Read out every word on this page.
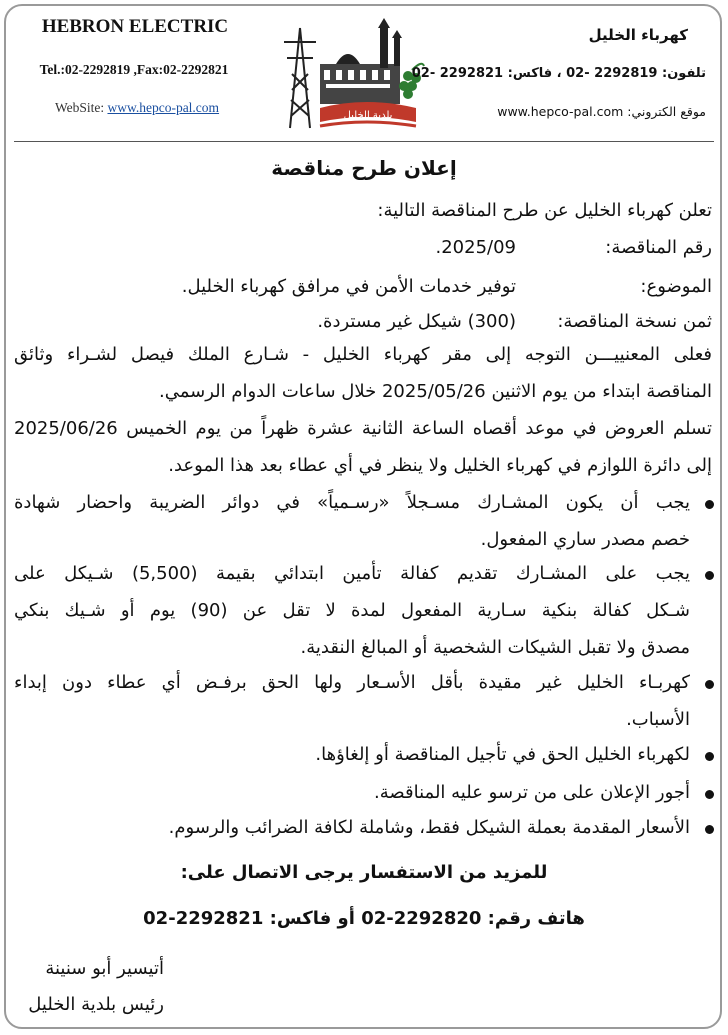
HEBRON ELECTRIC
Tel.:02-2292819 ,Fax:02-2292821
WebSite: www.hepco-pal.com
بلدية الخليل
كهرباء الخليل
تلفون: 2292819 -02 ، فاكس: 2292821 -02
موقع الكتروني: www.hepco-pal.com
إعلان طرح مناقصة
تعلن كهرباء الخليل عن طرح المناقصة التالية:
رقم المناقصة:2025/09.
الموضوع:توفير خدمات الأمن في مرافق كهرباء الخليل.
ثمن نسخة المناقصة:(300) شيكل غير مستردة.
فعلى المعنييـــن التوجه إلى مقر كهرباء الخليل - شـارع الملك فيصل لشـراء وثائق
المناقصة ابتداء من يوم الاثنين 2025/05/26 خلال ساعات الدوام الرسمي.
تسلم العروض في موعد أقصاه الساعة الثانية عشرة ظهراً من يوم الخميس 2025/06/26
إلى دائرة اللوازم في كهرباء الخليل ولا ينظر في أي عطاء بعد هذا الموعد.
يجب أن يكون المشـارك مسـجلاً «رسـمياً» في دوائر الضريبة واحضار شهادة
خصم مصدر ساري المفعول.
يجب على المشـارك تقديم كفالة تأمين ابتدائي بقيمة (5,500) شـيكل على
شـكل كفالة بنكية سـارية المفعول لمدة لا تقل عن (90) يوم أو شـيك بنكي
مصدق ولا تقبل الشيكات الشخصية أو المبالغ النقدية.
كهربـاء الخليل غير مقيدة بأقل الأسـعار ولها الحق برفـض أي عطاء دون إبداء
الأسباب.
لكهرباء الخليل الحق في تأجيل المناقصة أو إلغاؤها.
أجور الإعلان على من ترسو عليه المناقصة.
الأسعار المقدمة بعملة الشيكل فقط، وشاملة لكافة الضرائب والرسوم.
للمزيد من الاستفسار يرجى الاتصال على:
هاتف رقم: 2292820-02 أو فاكس: 2292821-02
أتيسير أبو سنينة
رئيس بلدية الخليل
